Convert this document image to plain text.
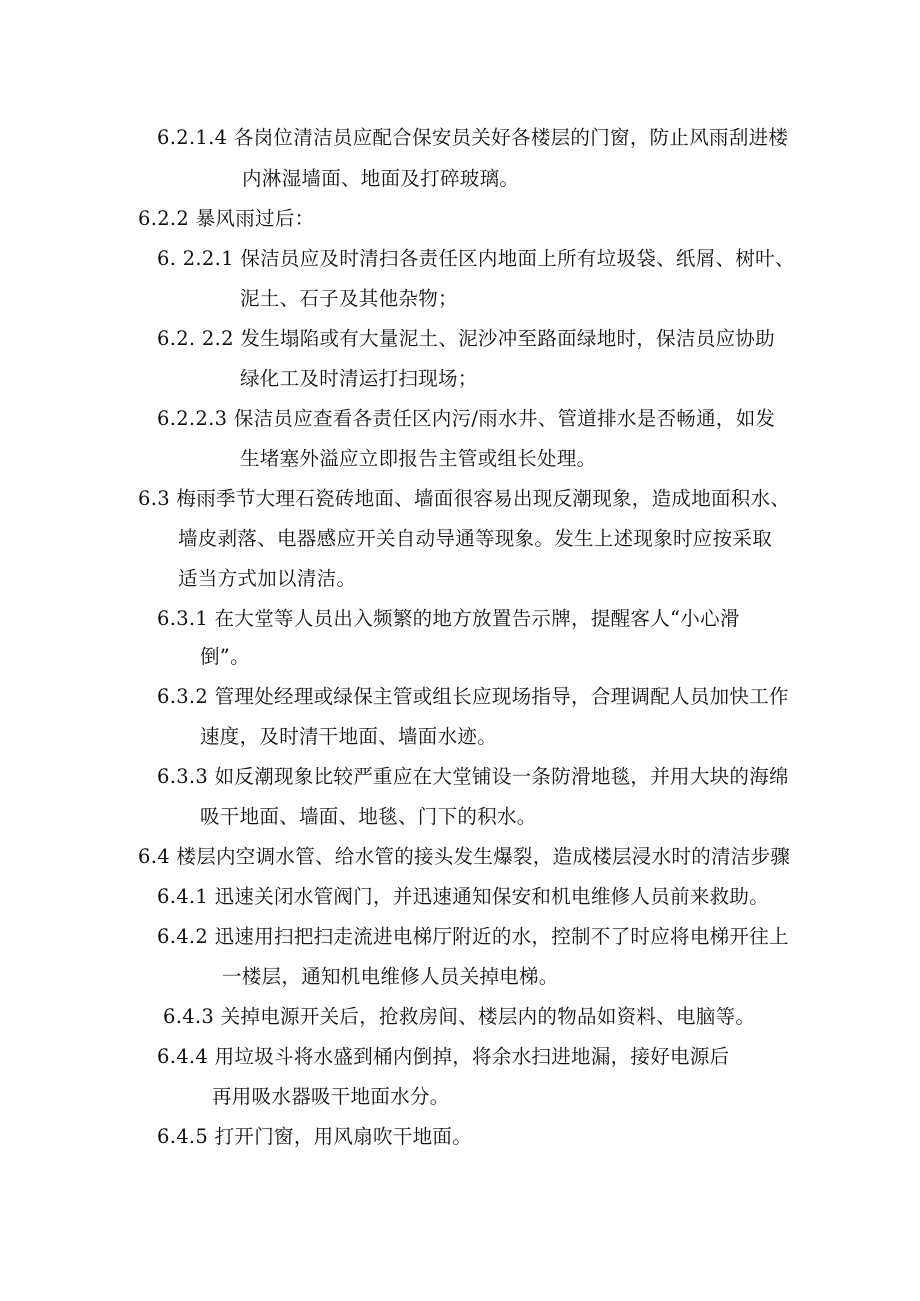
6.2.1.4 各岗位清洁员应配合保安员关好各楼层的门窗，防止风雨刮进楼
内淋湿墙面、地面及打碎玻璃。
6.2.2 暴风雨过后：
6. 2.2.1 保洁员应及时清扫各责任区内地面上所有垃圾袋、纸屑、树叶、
泥土、石子及其他杂物；
6.2. 2.2 发生塌陷或有大量泥土、泥沙冲至路面绿地时，保洁员应协助
绿化工及时清运打扫现场；
6.2.2.3 保洁员应查看各责任区内污/雨水井、管道排水是否畅通，如发
生堵塞外溢应立即报告主管或组长处理。
6.3 梅雨季节大理石瓷砖地面、墙面很容易出现反潮现象，造成地面积水、
墙皮剥落、电器感应开关自动导通等现象。发生上述现象时应按采取
适当方式加以清洁。
6.3.1 在大堂等人员出入频繁的地方放置告示牌，提醒客人“小心滑
倒”。
6.3.2 管理处经理或绿保主管或组长应现场指导，合理调配人员加快工作
速度，及时清干地面、墙面水迹。
6.3.3 如反潮现象比较严重应在大堂铺设一条防滑地毯，并用大块的海绵
吸干地面、墙面、地毯、门下的积水。
6.4 楼层内空调水管、给水管的接头发生爆裂，造成楼层浸水时的清洁步骤
6.4.1 迅速关闭水管阀门，并迅速通知保安和机电维修人员前来救助。
6.4.2 迅速用扫把扫走流进电梯厅附近的水，控制不了时应将电梯开往上
一楼层，通知机电维修人员关掉电梯。
6.4.3 关掉电源开关后，抢救房间、楼层内的物品如资料、电脑等。
6.4.4 用垃圾斗将水盛到桶内倒掉，将余水扫进地漏，接好电源后
再用吸水器吸干地面水分。
6.4.5 打开门窗，用风扇吹干地面。
